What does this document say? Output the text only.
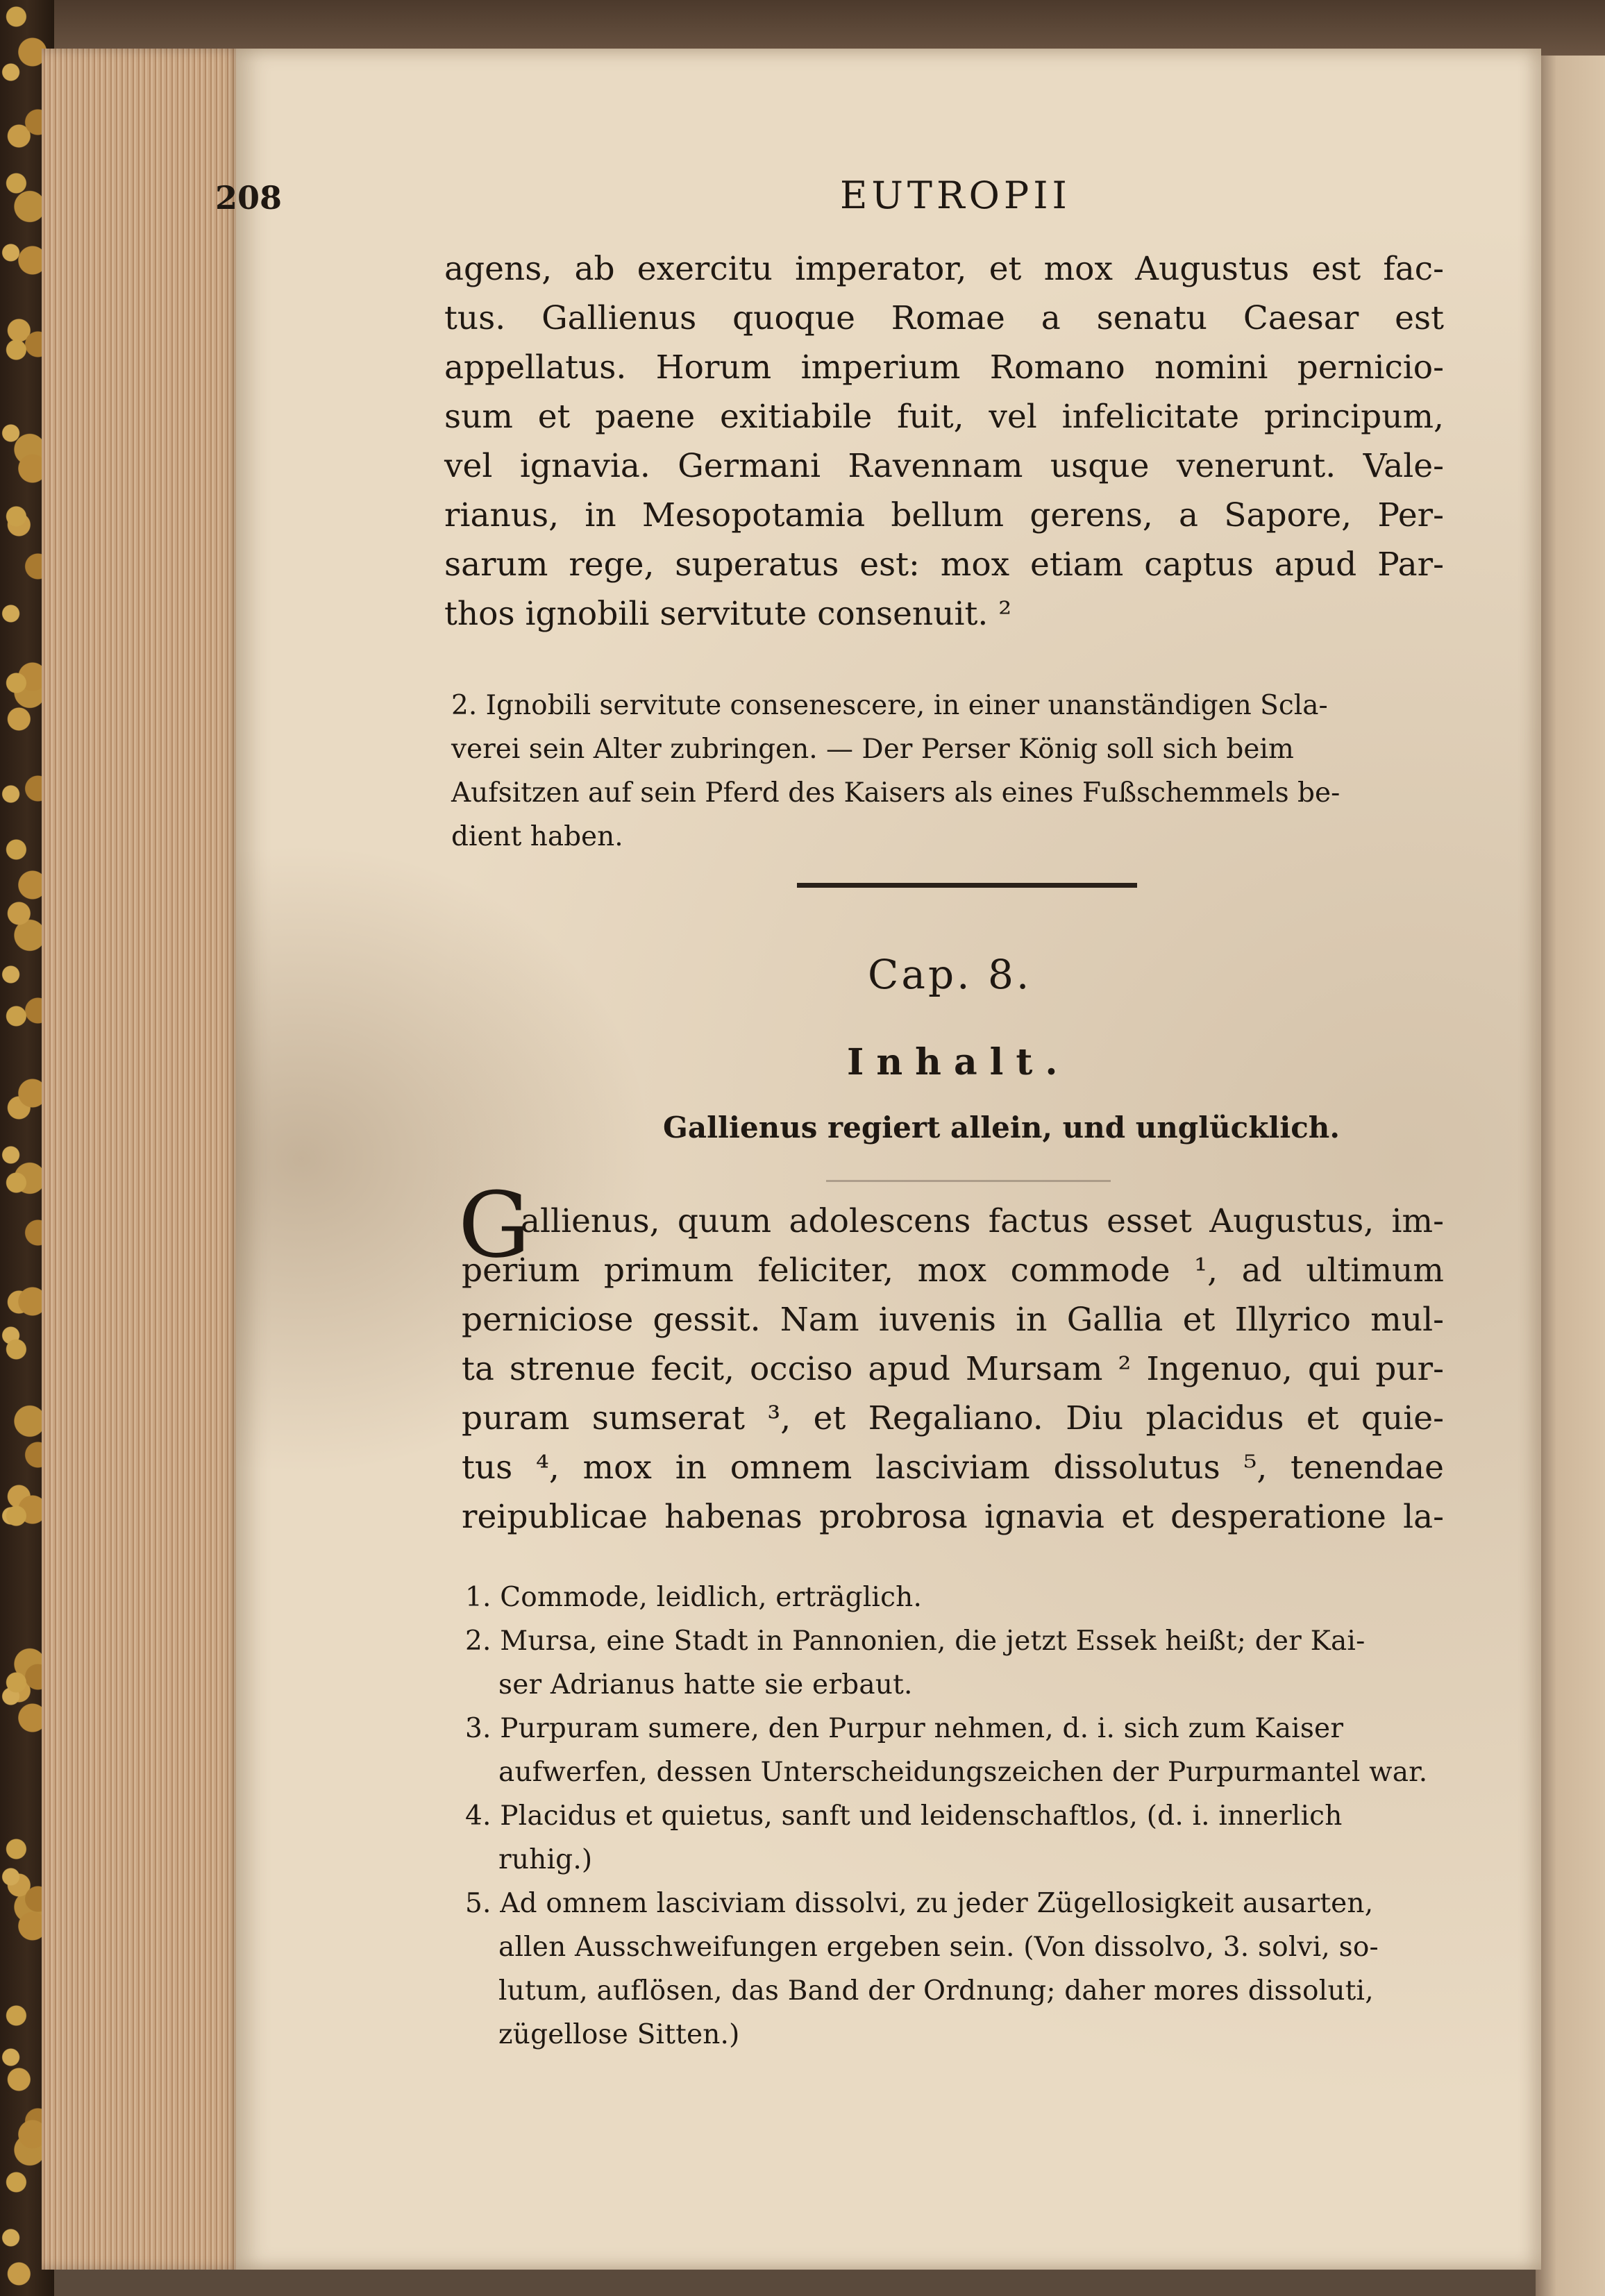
208	EUTROPII
agens, ab exercitu imperator, et mox Augustus est fac-
tus. Gallienus quoque Romae a senatu Caesar est
appellatus. Horum imperium Romano nomini pernicio-
sum et paene exitiabile fuit, vel infelicitate principum,
vel ignavia. Germani Ravennam usque venerunt. Vale-
rianus, in Mesopotamia bellum gerens, a Sapore, Per-
sarum rege, superatus est: mox etiam captus apud Par-
thos ignobili servitute consenuit. ²
2. Ignobili servitute consenescere, in einer unanständigen Scla-
verei sein Alter zubringen. — Der Perser König soll sich beim
Aufsitzen auf sein Pferd des Kaisers als eines Fußschemmels be-
dient haben.
Cap. 8.
Inhalt.
Gallienus regiert allein, und unglücklich.
G
allienus, quum adolescens factus esset Augustus, im-
perium primum feliciter, mox commode ¹, ad ultimum
perniciose gessit. Nam iuvenis in Gallia et Illyrico mul-
ta strenue fecit, occiso apud Mursam ² Ingenuo, qui pur-
puram sumserat ³, et Regaliano. Diu placidus et quie-
tus ⁴, mox in omnem lasciviam dissolutus ⁵, tenendae
reipublicae habenas probrosa ignavia et desperatione la-
1. Commode, leidlich, erträglich.
2. Mursa, eine Stadt in Pannonien, die jetzt Essek heißt; der Kai-
ser Adrianus hatte sie erbaut.
3. Purpuram sumere, den Purpur nehmen, d. i. sich zum Kaiser
aufwerfen, dessen Unterscheidungszeichen der Purpurmantel war.
4. Placidus et quietus, sanft und leidenschaftlos, (d. i. innerlich
ruhig.)
5. Ad omnem lasciviam dissolvi, zu jeder Zügellosigkeit ausarten,
allen Ausschweifungen ergeben sein. (Von dissolvo, 3. solvi, so-
lutum, auflösen, das Band der Ordnung; daher mores dissoluti,
zügellose Sitten.)
